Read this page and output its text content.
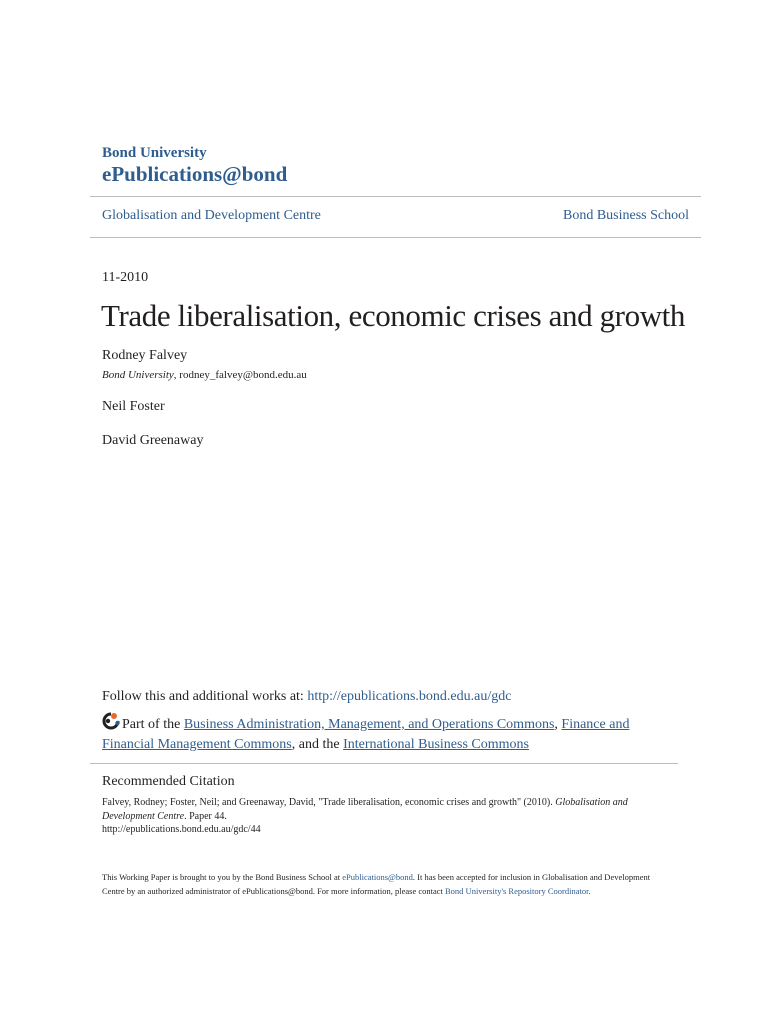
Bond University
ePublications@bond
Globalisation and Development Centre	Bond Business School
11-2010
Trade liberalisation, economic crises and growth
Rodney Falvey
Bond University, rodney_falvey@bond.edu.au
Neil Foster
David Greenaway
Follow this and additional works at: http://epublications.bond.edu.au/gdc
Part of the Business Administration, Management, and Operations Commons, Finance and Financial Management Commons, and the International Business Commons
Recommended Citation
Falvey, Rodney; Foster, Neil; and Greenaway, David, "Trade liberalisation, economic crises and growth" (2010). Globalisation and Development Centre. Paper 44.
http://epublications.bond.edu.au/gdc/44
This Working Paper is brought to you by the Bond Business School at ePublications@bond. It has been accepted for inclusion in Globalisation and Development Centre by an authorized administrator of ePublications@bond. For more information, please contact Bond University's Repository Coordinator.
